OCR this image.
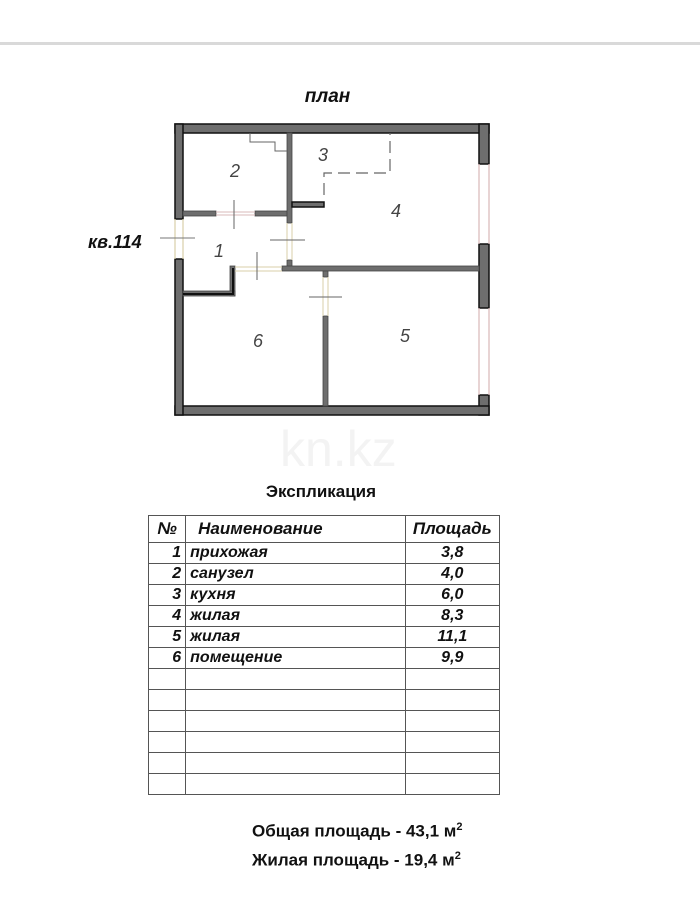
план
кв.114
2
3
4
1
6	5
kn.kz
Экспликация
№	Наименование	Площадь
1	прихожая	3,8
2	санузел	4,0
3	кухня	6,0
4	жилая	8,3
5	жилая	11,1
6	помещение	9,9

Общая площадь - 43,1 $м^2$
Жилая площадь - 19,4 $м^2$
